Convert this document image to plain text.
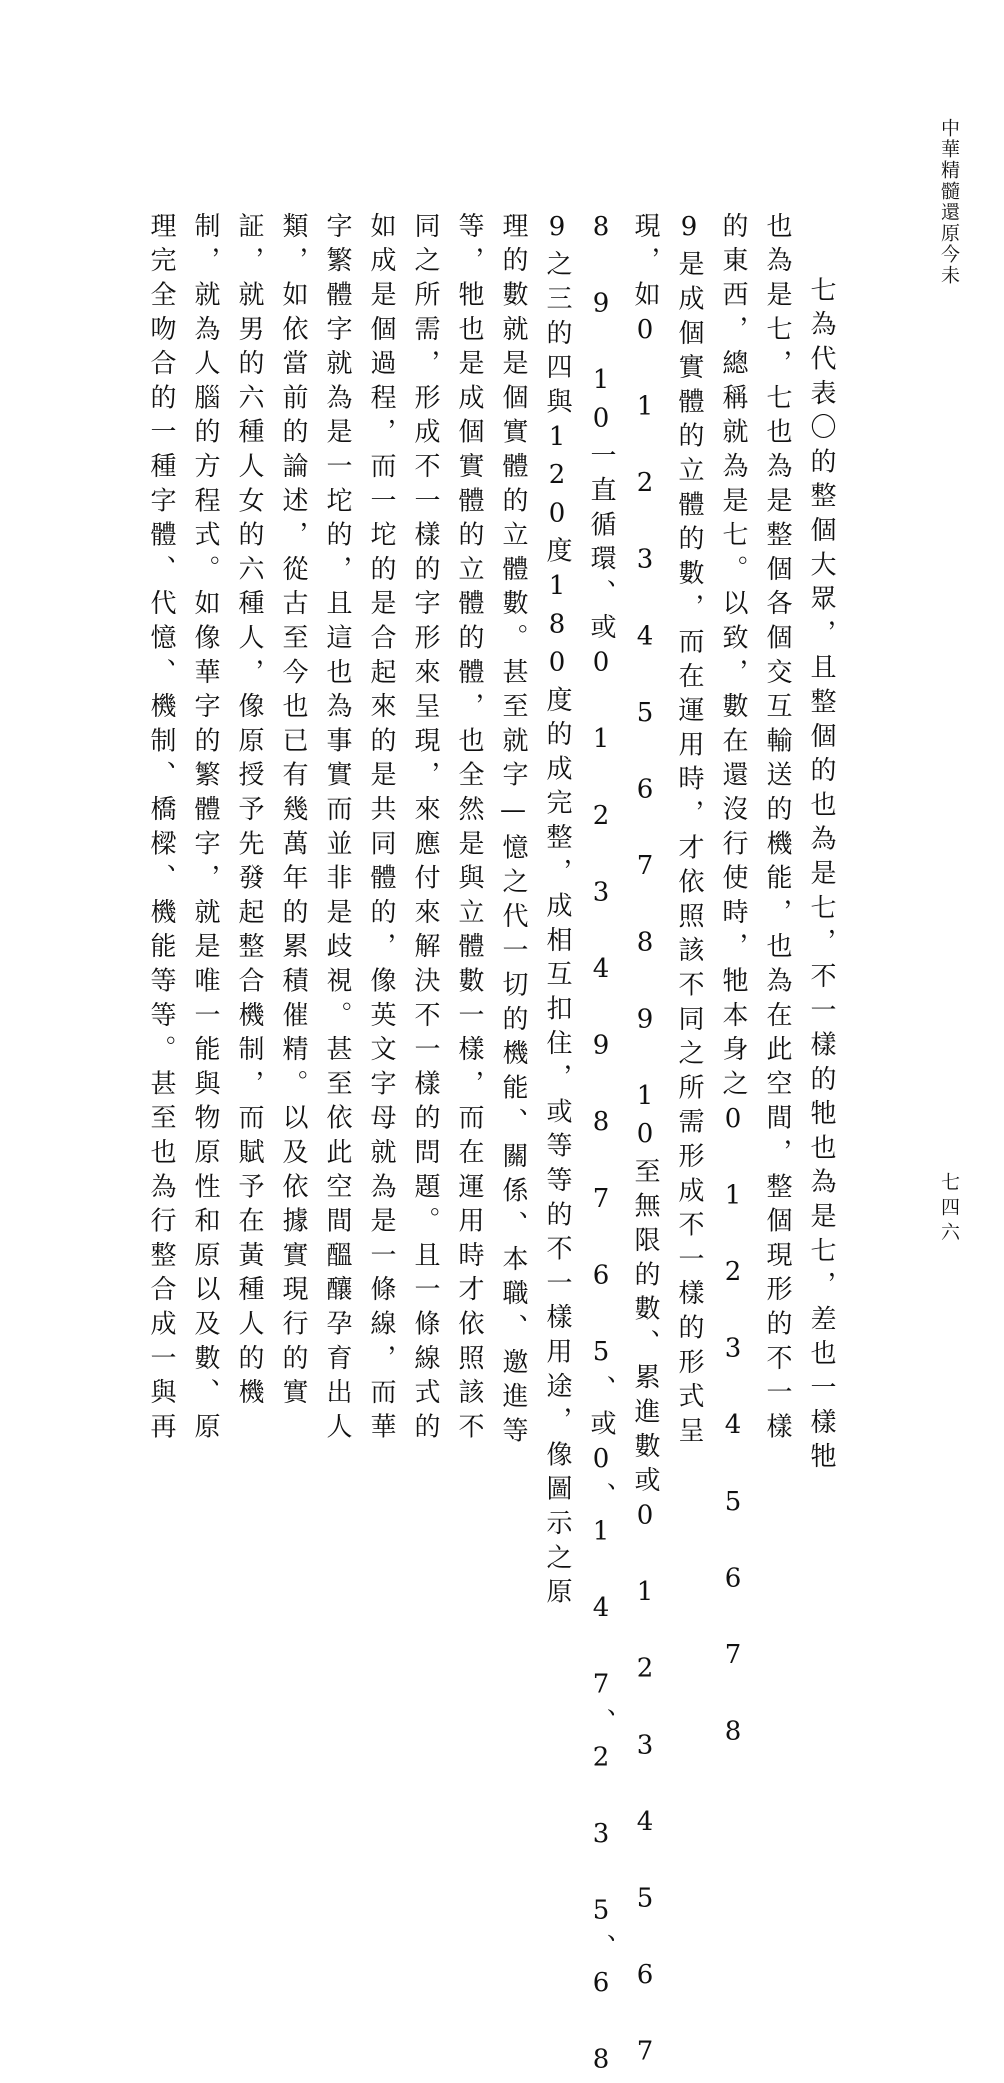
中華精髓還原今未
七為代表〇的整個大眾，且整個的也為是七，不一樣的牠也為是七，差也一樣牠
也為是七，七也為是整個各個交互輸送的機能，也為在此空間，整個現形的不一樣
的東西，總稱就為是七。以致，數在還沒行使時，牠本身之0 1 2 3 4 5 6 7 8
9是成個實體的立體的數，而在運用時，才依照該不同之所需形成不一樣的形式呈
現，如0 1 2 3 4 5 6 7 8 9 10至無限的數、累進數或0 1 2 3 4 5 6 7
8 9 10一直循環、或0 1 2 3 4 9 8 7 6 5、或0、1 4 7、2 3 5、6 8
9之三的四與120度180度的成完整，成相互扣住，或等等的不一樣用途，像圖示之原
理的數就是個實體的立體數。甚至就字—憶之代一切的機能、關係、本職、邀進等
等，牠也是成個實體的立體的體，也全然是與立體數一樣，而在運用時才依照該不
同之所需，形成不一樣的字形來呈現，來應付來解決不一樣的問題。且一條線式的
如成是個過程，而一坨的是合起來的是共同體的，像英文字母就為是一條線，而華
字繁體字就為是一坨的，且這也為事實而並非是歧視。甚至依此空間醞釀孕育出人
類，如依當前的論述，從古至今也已有幾萬年的累積催精。以及依據實現行的實
証，就男的六種人女的六種人，像原授予先發起整合機制，而賦予在黃種人的機
制，就為人腦的方程式。如像華字的繁體字，就是唯一能與物原性和原以及數、原
理完全吻合的一種字體、代憶、機制、橋樑、機能等等。甚至也為行整合成一與再	七四六
